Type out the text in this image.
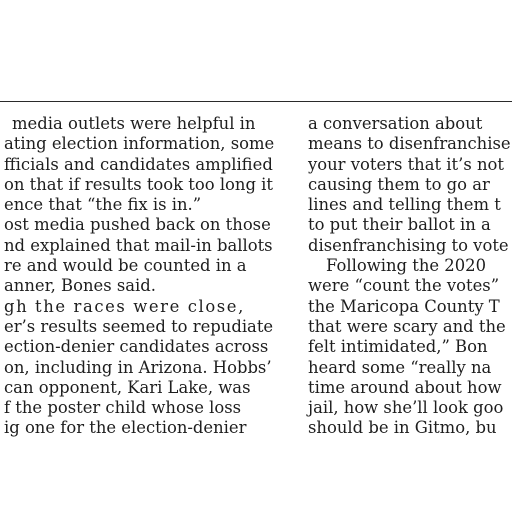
media outlets were helpful in
ating election information, some
fficials and candidates amplified
on that if results took too long it
ence that “the fix is in.”
ost media pushed back on those
nd explained that mail-in ballots
re and would be counted in a
anner, Bones said.
gh the races were close,
er’s results seemed to repudiate
ection-denier candidates across
on, including in Arizona. Hobbs’
can opponent, Kari Lake, was
f the poster child whose loss
ig one for the election-denier
a conversation about
means to disenfranchise
your voters that it’s not
causing them to go ar
lines and telling them t
to put their ballot in a
disenfranchising to vote
Following the 2020
were “count the votes”
the Maricopa County T
that were scary and the
felt intimidated,” Bon
heard some “really na
time around about how
jail, how she’ll look goo
should be in Gitmo, bu
